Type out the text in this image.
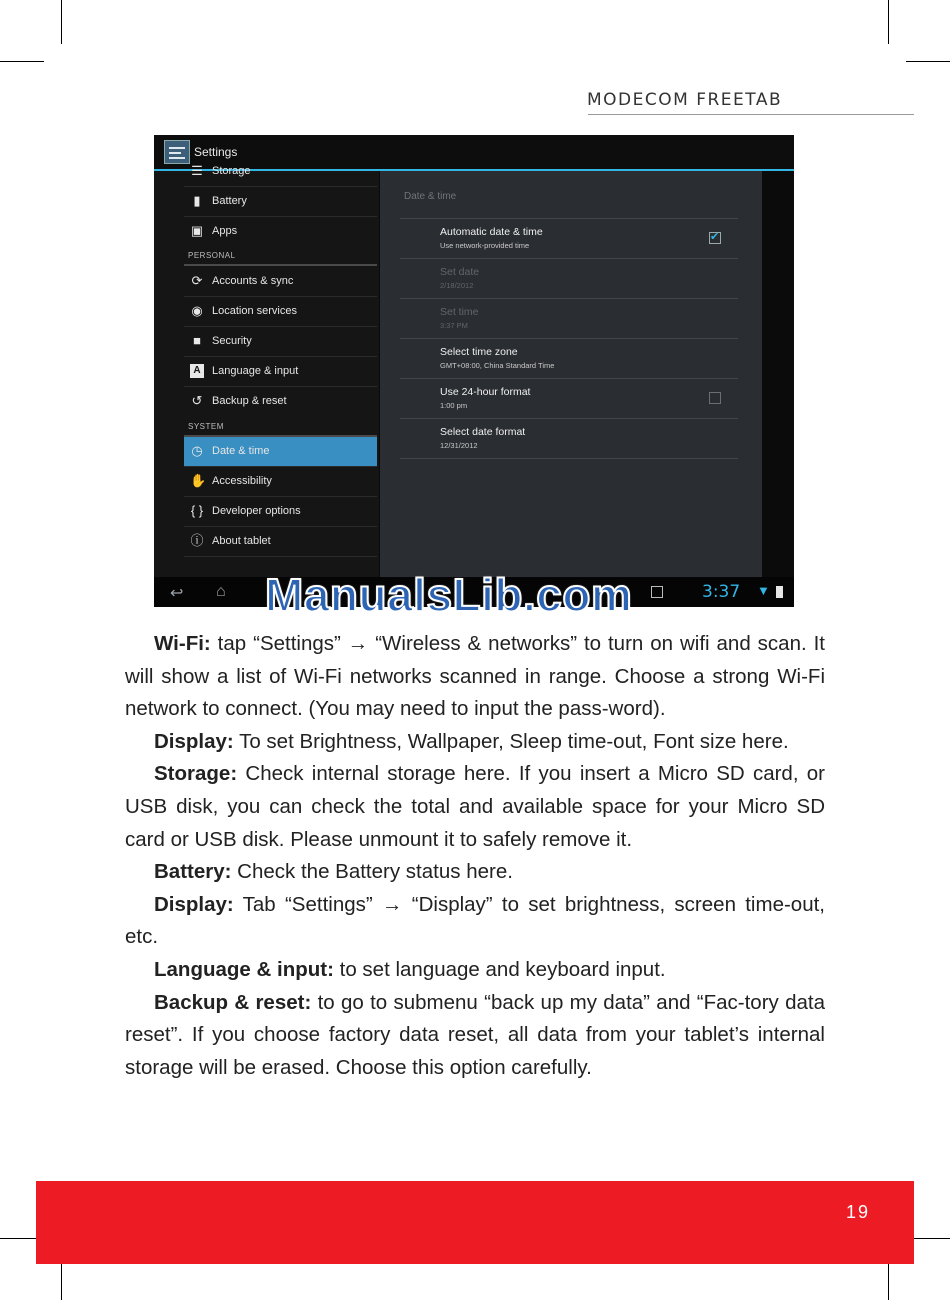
MODECOM FREETAB
Settings
☰ Storage
▮	Battery
▣ Apps
PERSONAL
⟳ Accounts & sync
◉ Location services
■ Security
A	Language & input
↺ Backup & reset
SYSTEM
◷ Date & time
✋ Accessibility
{ } Developer options
ⓘ About tablet
Date & time
Automatic date & time
Use network-provided time
✔
Set date
2/18/2012
Set time
3:37 PM
Select time zone
GMT+08:00, China Standard Time
Use 24-hour format
1:00 pm
Select date format
12/31/2012
↩ ⌂	3:37 ▼
ManualsLib.com

Wi-Fi: tap “Settings” → “Wireless & networks” to turn on wifi and scan. It will show a list of Wi-Fi networks scanned in range. Choose a strong Wi-Fi network to connect. (You may need to input the pass-word).

Display: To set Brightness, Wallpaper, Sleep time-out, Font size here.

Storage: Check internal storage here. If you insert a Micro SD card, or USB disk, you can check the total and available space for your Micro SD card or USB disk. Please unmount it to safely remove it.

Battery: Check the Battery status here.

Display: Tab “Settings” → “Display” to set brightness, screen time-out, etc.

Language & input: to set language and keyboard input.

Backup & reset: to go to submenu “back up my data” and “Fac-tory data reset”. If you choose factory data reset, all data from your tablet’s internal storage will be erased. Choose this option carefully.

19
